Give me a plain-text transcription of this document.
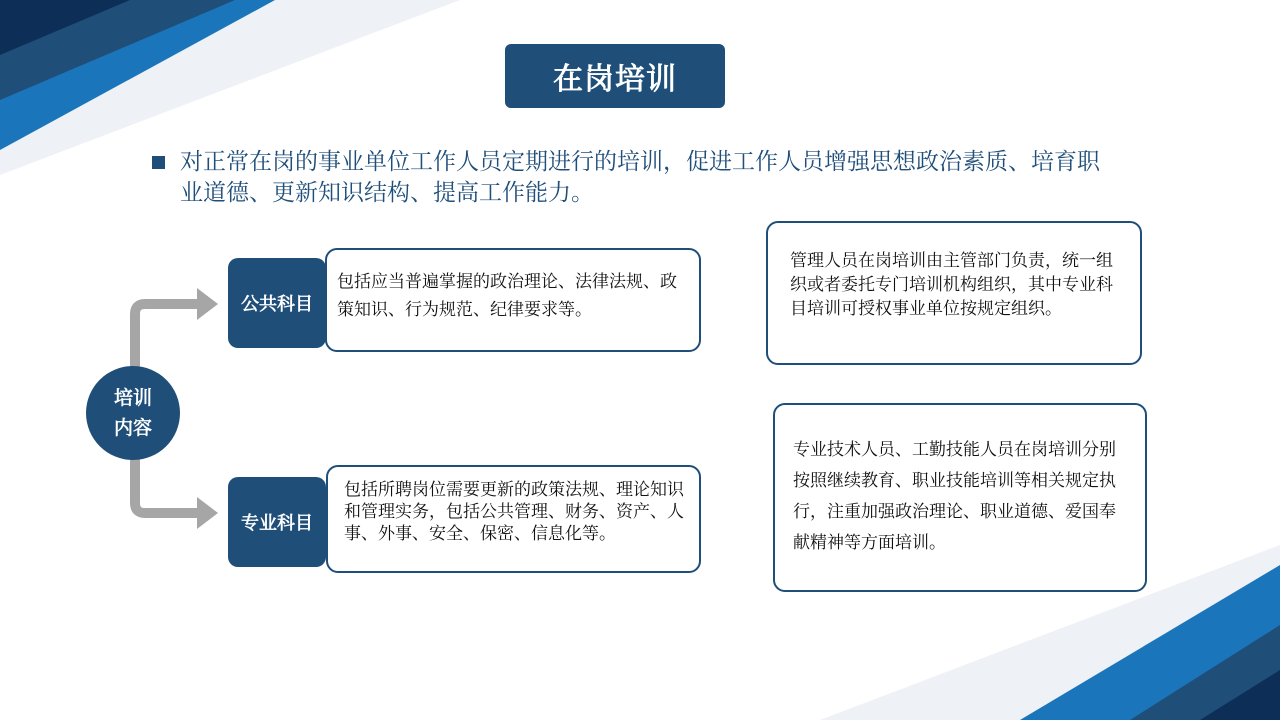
在岗培训
对正常在岗的事业单位工作人员定期进行的培训，促进工作人员增强思想政治素质、培育职业道德、更新知识结构、提高工作能力。
培训
内容
公共科目
包括应当普遍掌握的政治理论、法律法规、政策知识、行为规范、纪律要求等。
专业科目
包括所聘岗位需要更新的政策法规、理论知识和管理实务，包括公共管理、财务、资产、人事、外事、安全、保密、信息化等。
管理人员在岗培训由主管部门负责，统一组织或者委托专门培训机构组织，其中专业科目培训可授权事业单位按规定组织。
专业技术人员、工勤技能人员在岗培训分别按照继续教育、职业技能培训等相关规定执行，注重加强政治理论、职业道德、爱国奉献精神等方面培训。
